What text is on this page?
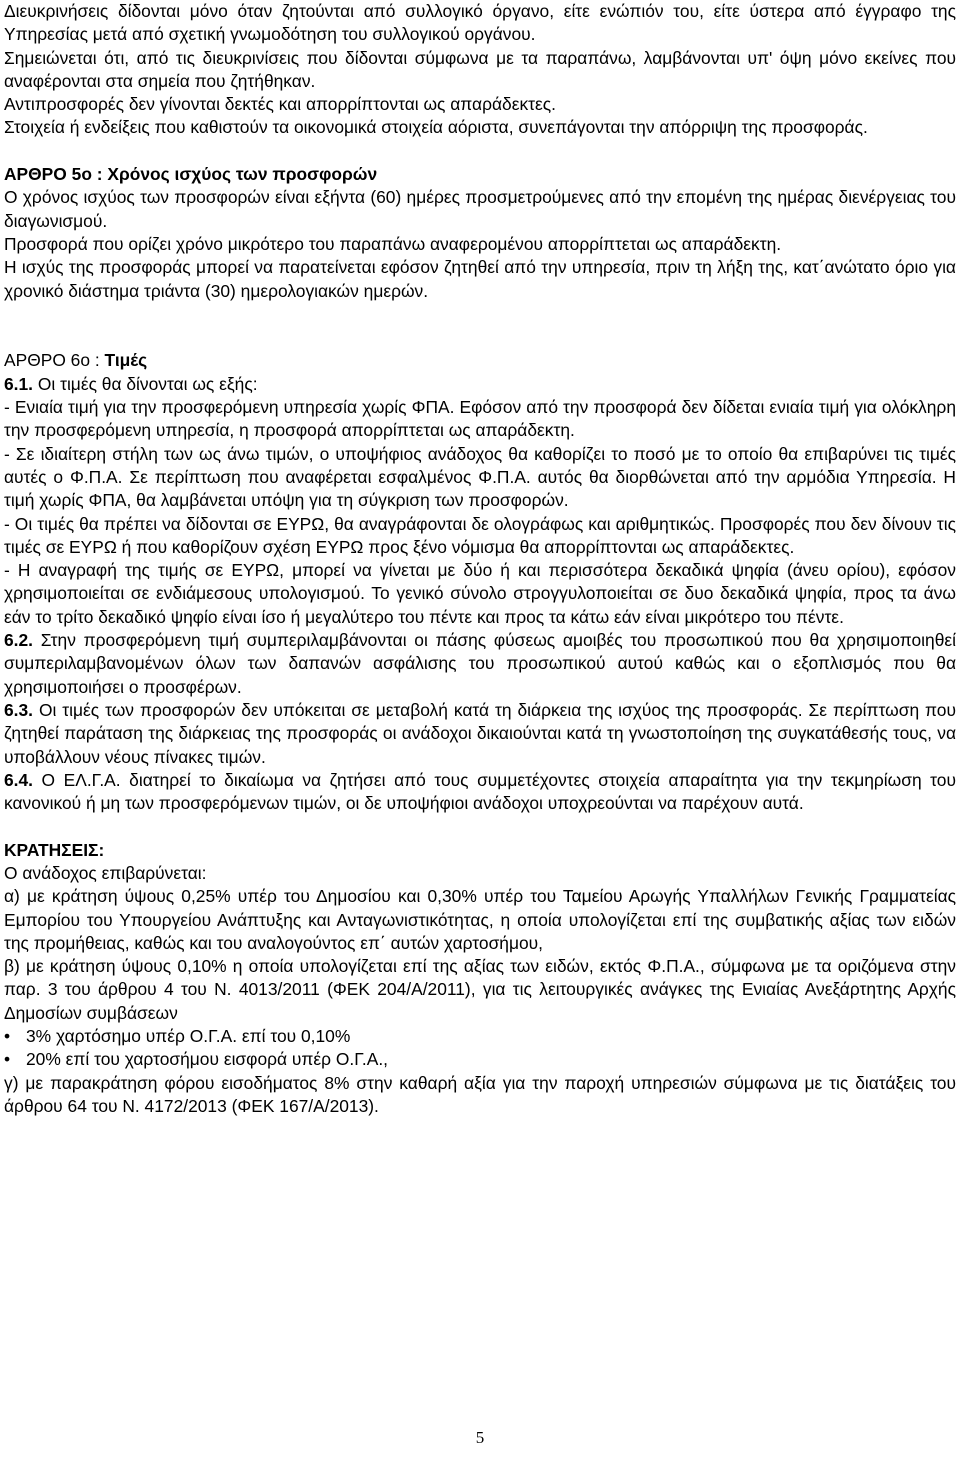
Διευκρινήσεις δίδονται μόνο όταν ζητούνται από συλλογικό όργανο, είτε ενώπιόν του, είτε ύστερα από έγγραφο της Υπηρεσίας μετά από σχετική γνωμοδότηση του συλλογικού οργάνου.

Σημειώνεται ότι, από τις διευκρινίσεις που δίδονται σύμφωνα με τα παραπάνω, λαμβάνονται υπ' όψη μόνο εκείνες που αναφέρονται στα σημεία που ζητήθηκαν.

Αντιπροσφορές δεν γίνονται δεκτές και απορρίπτονται ως απαράδεκτες.

Στοιχεία ή ενδείξεις που καθιστούν τα οικονομικά στοιχεία αόριστα, συνεπάγονται την απόρριψη της προσφοράς.

ΑΡΘΡΟ 5ο : Χρόνος ισχύος των προσφορών

Ο χρόνος ισχύος των προσφορών είναι εξήντα (60) ημέρες προσμετρούμενες από την επομένη της ημέρας διενέργειας του διαγωνισμού.

Προσφορά που ορίζει χρόνο μικρότερο του παραπάνω αναφερομένου απορρίπτεται ως απαράδεκτη.

Η ισχύς της προσφοράς μπορεί να παρατείνεται εφόσον ζητηθεί από την υπηρεσία, πριν τη λήξη της, κατ΄ανώτατο όριο για χρονικό διάστημα τριάντα (30) ημερολογιακών ημερών.

ΑΡΘΡΟ 6ο : Τιμές

6.1. Οι τιμές θα δίνονται ως εξής:

- Ενιαία τιμή για την προσφερόμενη υπηρεσία χωρίς ΦΠΑ. Εφόσον από την προσφορά δεν δίδεται ενιαία τιμή για ολόκληρη την προσφερόμενη υπηρεσία, η προσφορά απορρίπτεται ως απαράδεκτη.

- Σε ιδιαίτερη στήλη των ως άνω τιμών, ο υποψήφιος ανάδοχος θα καθορίζει το ποσό με το οποίο θα επιβαρύνει τις τιμές αυτές ο Φ.Π.Α. Σε περίπτωση που αναφέρεται εσφαλμένος Φ.Π.Α. αυτός θα διορθώνεται από την αρμόδια Υπηρεσία. Η τιμή χωρίς ΦΠΑ, θα λαμβάνεται υπόψη για τη σύγκριση των προσφορών.

- Οι τιμές θα πρέπει να δίδονται σε ΕΥΡΩ, θα αναγράφονται δε ολογράφως και αριθμητικώς. Προσφορές που δεν δίνουν τις τιμές σε ΕΥΡΩ ή που καθορίζουν σχέση ΕΥΡΩ προς ξένο νόμισμα θα απορρίπτονται ως απαράδεκτες.

- Η αναγραφή της τιμής σε ΕΥΡΩ, μπορεί να γίνεται με δύο ή και περισσότερα δεκαδικά ψηφία (άνευ ορίου), εφόσον χρησιμοποιείται σε ενδιάμεσους υπολογισμού. Το γενικό σύνολο στρογγυλοποιείται σε δυο δεκαδικά ψηφία, προς τα άνω εάν το τρίτο δεκαδικό ψηφίο είναι ίσο ή μεγαλύτερο του πέντε και προς τα κάτω εάν είναι μικρότερο του πέντε.

6.2. Στην προσφερόμενη τιμή συμπεριλαμβάνονται οι πάσης φύσεως αμοιβές του προσωπικού που θα χρησιμοποιηθεί συμπεριλαμβανομένων όλων των δαπανών ασφάλισης του προσωπικού αυτού καθώς και ο εξοπλισμός που θα χρησιμοποιήσει ο προσφέρων.

6.3. Οι τιμές των προσφορών δεν υπόκειται σε μεταβολή κατά τη διάρκεια της ισχύος της προσφοράς. Σε περίπτωση που ζητηθεί παράταση της διάρκειας της προσφοράς οι ανάδοχοι δικαιούνται κατά τη γνωστοποίηση της συγκατάθεσής τους, να υποβάλλουν νέους πίνακες τιμών.

6.4. Ο ΕΛ.Γ.Α. διατηρεί το δικαίωμα να ζητήσει από τους συμμετέχοντες στοιχεία απαραίτητα για την τεκμηρίωση του κανονικού ή μη των προσφερόμενων τιμών, οι δε υποψήφιοι ανάδοχοι υποχρεούνται να παρέχουν αυτά.

ΚΡΑΤΗΣΕΙΣ:

Ο ανάδοχος επιβαρύνεται:

α) με κράτηση ύψους 0,25% υπέρ του Δημοσίου και 0,30% υπέρ του Ταμείου Αρωγής Υπαλλήλων Γενικής Γραμματείας Εμπορίου του Υπουργείου Ανάπτυξης και Ανταγωνιστικότητας, η οποία υπολογίζεται επί της συμβατικής αξίας των ειδών της προμήθειας, καθώς και του αναλογούντος επ΄ αυτών χαρτοσήμου,

β) με κράτηση ύψους 0,10% η οποία υπολογίζεται επί της αξίας των ειδών, εκτός Φ.Π.Α., σύμφωνα με τα οριζόμενα στην παρ. 3 του άρθρου 4 του Ν. 4013/2011 (ΦΕΚ 204/Α/2011), για τις λειτουργικές ανάγκες της Ενιαίας Ανεξάρτητης Αρχής Δημοσίων συμβάσεων

• 3% χαρτόσημο υπέρ Ο.Γ.Α. επί του 0,10%
• 20% επί του χαρτοσήμου εισφορά υπέρ Ο.Γ.Α.,

γ) με παρακράτηση φόρου εισοδήματος 8% στην καθαρή αξία για την παροχή υπηρεσιών σύμφωνα με τις διατάξεις του άρθρου 64 του Ν. 4172/2013 (ΦΕΚ 167/Α/2013).

5
